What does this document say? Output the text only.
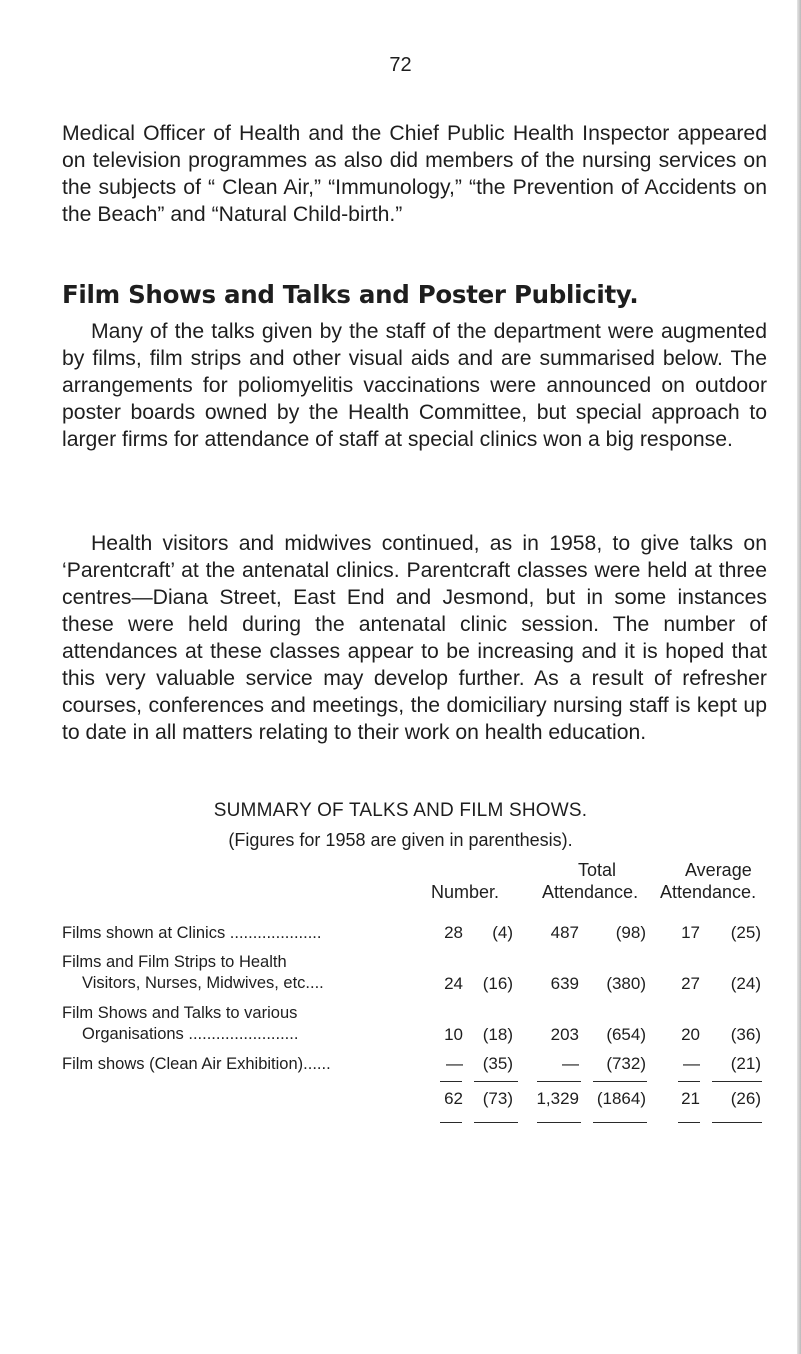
72

Medical Officer of Health and the Chief Public Health Inspector appeared on television programmes as also did members of the nursing services on the subjects of “ Clean Air,” “Immunology,” “the Prevention of Accidents on the Beach” and “Natural Child-birth.”

Film Shows and Talks and Poster Publicity.

Many of the talks given by the staff of the department were augmented by films, film strips and other visual aids and are summarised below. The arrangements for poliomyelitis vaccinations were announced on outdoor poster boards owned by the Health Committee, but special approach to larger firms for attendance of staff at special clinics won a big response.

Health visitors and midwives continued, as in 1958, to give talks on ‘Parentcraft’ at the antenatal clinics. Parentcraft classes were held at three centres—Diana Street, East End and Jesmond, but in some instances these were held during the antenatal clinic session. The number of attendances at these classes appear to be increasing and it is hoped that this very valuable service may develop further. As a result of refresher courses, conferences and meetings, the domiciliary nursing staff is kept up to date in all matters relating to their work on health education.

SUMMARY OF TALKS AND FILM SHOWS.
(Figures for 1958 are given in parenthesis).
Number.
Total
Attendance.
Average
Attendance.
Films shown at Clinics ....................	28 (4) 487 (98) 17 (25)
Films and Film Strips to Health
Visitors, Nurses, Midwives, etc....	24 (16) 639 (380) 27 (24)
Film Shows and Talks to various
Organisations ........................	10 (18) 203 (654) 20 (36)
Film shows (Clean Air Exhibition)......	— (35)	— (732) — (21)
62 (73) 1,329 (1864) 21 (26)
